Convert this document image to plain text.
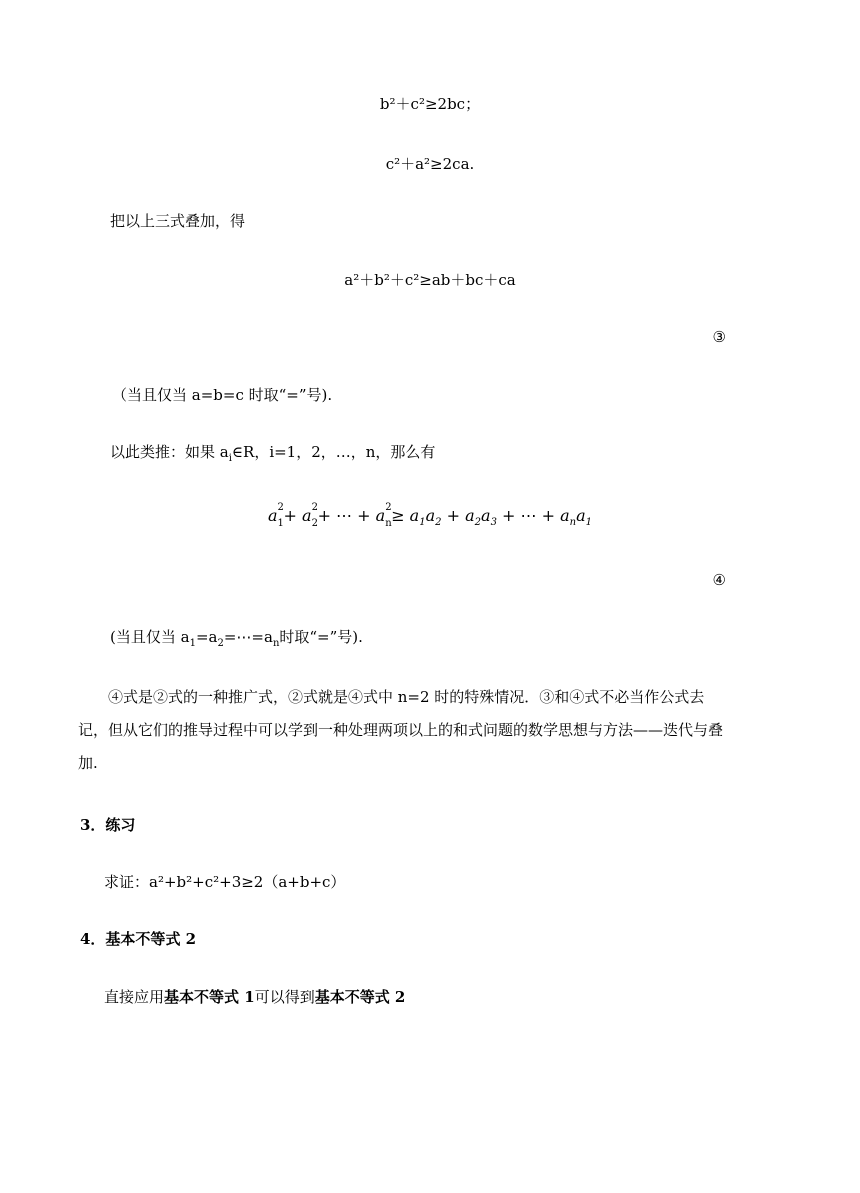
b²＋c²≥2bc；
c²＋a²≥2ca.
把以上三式叠加，得
a²＋b²＋c²≥ab＋bc＋ca
③
（当且仅当 a=b=c 时取“=”号).
以此类推：如果 $a_i\in R$，i=1，2，…，n，那么有
a 2
1 + a 2
2 + ⋯ + a 2
$n \ge a_1a_2 + a_2a_3$ + ⋯ + $a_na_1$
④
(当且仅当 $a_1=a_2=\cdots=a_n$时取“=”号).
④式是②式的一种推广式，②式就是④式中 n=2 时的特殊情况．③和④式不必当作公式去记，但从它们的推导过程中可以学到一种处理两项以上的和式问题的数学思想与方法——迭代与叠加.
3．练习
求证：a²+b²+c²+3≥2（a+b+c）
4．基本不等式 2
直接应用基本不等式 1可以得到基本不等式 2
